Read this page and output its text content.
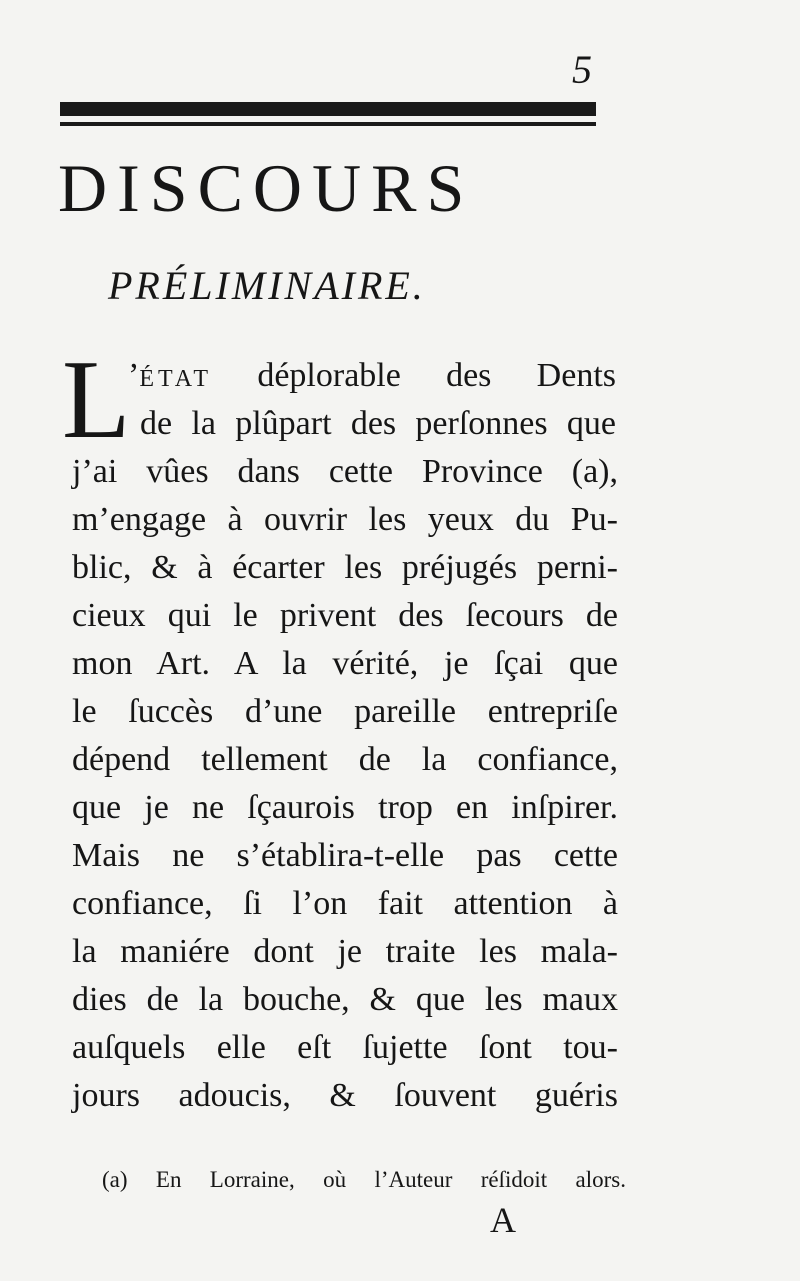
5
DISCOURS
PRÉLIMINAIRE.
L
’ÉTAT déplorable des Dents
de la plûpart des perſonnes que
j’ai vûes dans cette Province (a),
m’engage à ouvrir les yeux du Pu-
blic, & à écarter les préjugés perni-
cieux qui le privent des ſecours de
mon Art. A la vérité, je ſçai que
le ſuccès d’une pareille entrepriſe
dépend tellement de la confiance,
que je ne ſçaurois trop en inſpirer.
Mais ne s’établira-t-elle pas cette
confiance, ſi l’on fait attention à
la maniére dont je traite les mala-
dies de la bouche, & que les maux
auſquels elle eſt ſujette ſont tou-
jours adoucis, & ſouvent guéris
(a) En Lorraine, où l’Auteur réſidoit alors.
A
